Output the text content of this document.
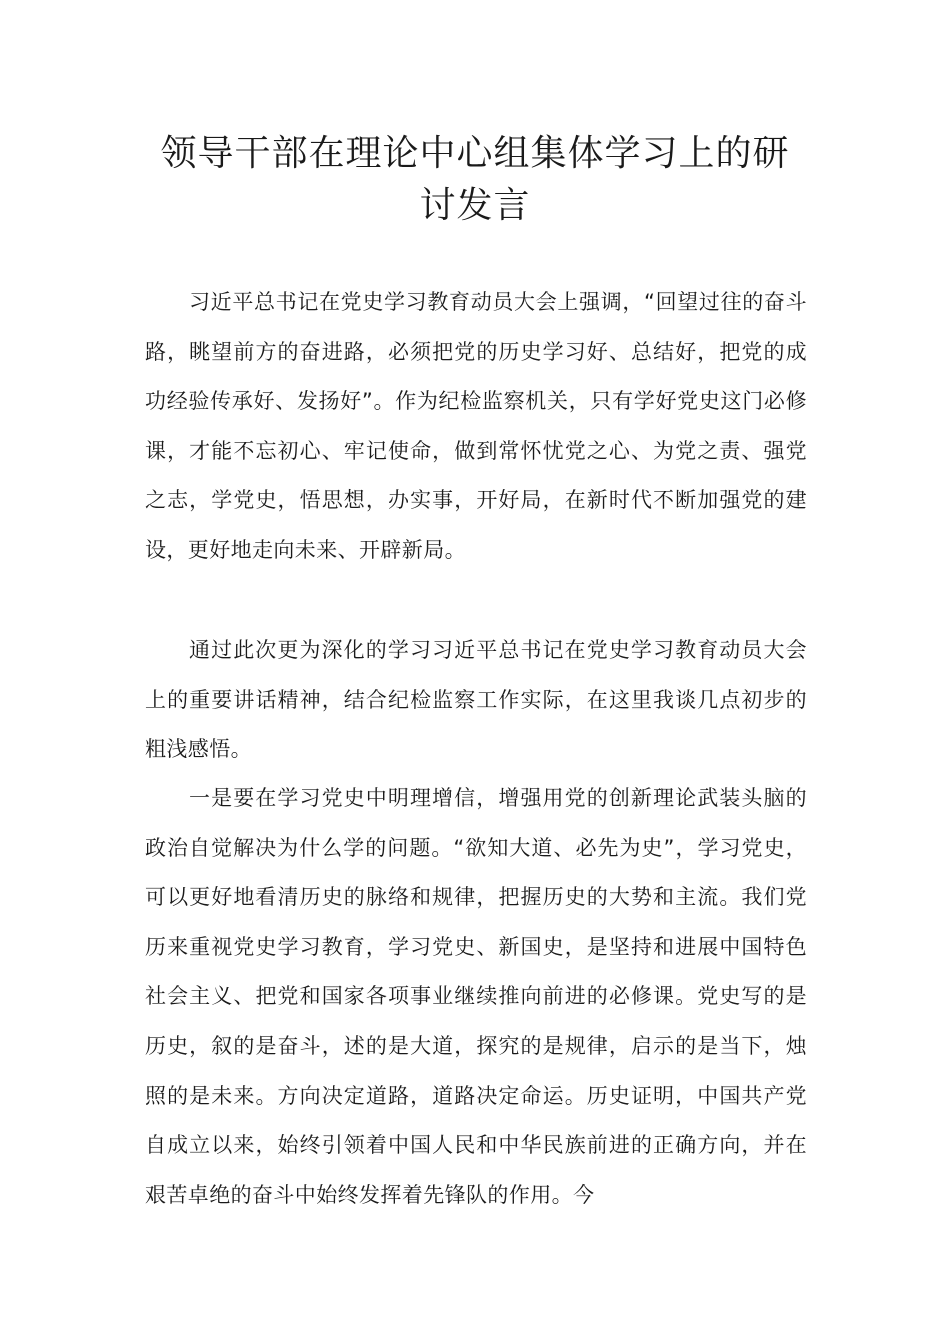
领导干部在理论中心组集体学习上的研
讨发言

习近平总书记在党史学习教育动员大会上强调，“回望过往的奋斗路，眺望前方的奋进路，必须把党的历史学习好、总结好，把党的成功经验传承好、发扬好”。作为纪检监察机关，只有学好党史这门必修课，才能不忘初心、牢记使命，做到常怀忧党之心、为党之责、强党之志，学党史，悟思想，办实事，开好局，在新时代不断加强党的建设，更好地走向未来、开辟新局。

通过此次更为深化的学习习近平总书记在党史学习教育动员大会上的重要讲话精神，结合纪检监察工作实际，在这里我谈几点初步的粗浅感悟。

一是要在学习党史中明理增信，增强用党的创新理论武装头脑的政治自觉解决为什么学的问题。“欲知大道、必先为史”，学习党史，可以更好地看清历史的脉络和规律，把握历史的大势和主流。我们党历来重视党史学习教育，学习党史、新国史，是坚持和进展中国特色社会主义、把党和国家各项事业继续推向前进的必修课。党史写的是历史，叙的是奋斗，述的是大道，探究的是规律，启示的是当下，烛照的是未来。方向决定道路，道路决定命运。历史证明，中国共产党自成立以来，始终引领着中国人民和中华民族前进的正确方向，并在艰苦卓绝的奋斗中始终发挥着先锋队的作用。今
